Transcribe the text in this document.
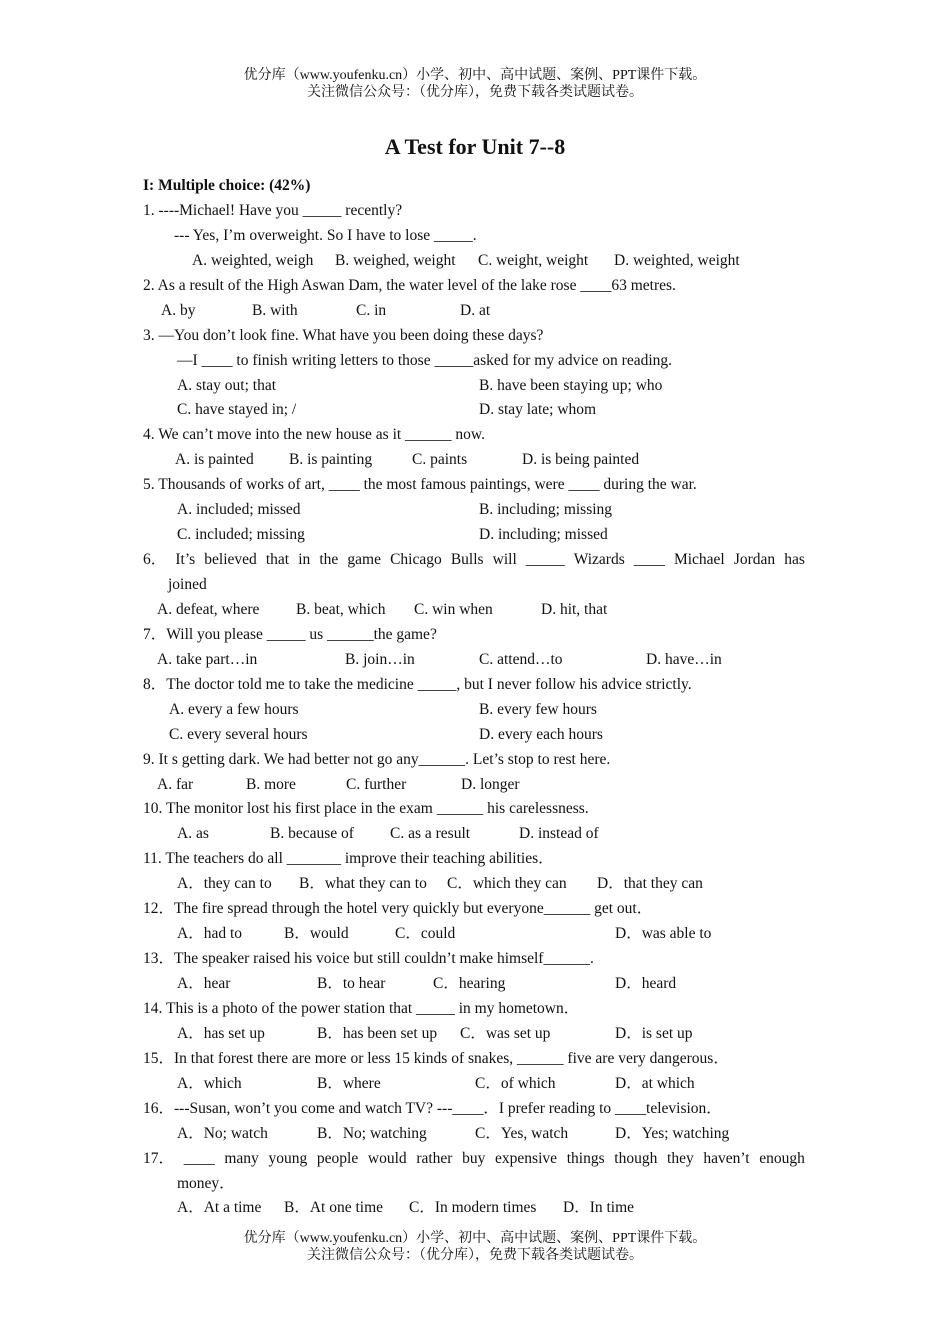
优分库（www.youfenku.cn）小学、初中、高中试题、案例、PPT课件下载。
关注微信公众号：（优分库），免费下载各类试题试卷。
A Test for Unit 7--8
I: Multiple choice: (42%)
1. ----Michael! Have you _____ recently?
--- Yes, I’m overweight. So I have to lose _____.
A. weighted, weigh B. weighed, weight C. weight, weight D. weighted, weight
2. As a result of the High Aswan Dam, the water level of the lake rose ____63 metres.
A. by	B. with	C. in	D. at
3. —You don’t look fine. What have you been doing these days?
—I ____ to finish writing letters to those _____asked for my advice on reading.
A. stay out; that	B. have been staying up; who
C. have stayed in; /	D. stay late; whom
4. We can’t move into the new house as it ______ now.
A. is painted B. is painting	C. paints	D. is being painted
5. Thousands of works of art, ____ the most famous paintings, were ____ during the war.
A. included; missed	B. including; missing
C. included; missing	D. including; missed
6． It’s believed that in the game Chicago Bulls will _____ Wizards ____ Michael Jordan has
joined
A. defeat, where B. beat, which C. win when	D. hit, that
7．Will you please _____ us ______the game?
A. take part…in	B. join…in	C. attend…to	D. have…in
8．The doctor told me to take the medicine _____, but I never follow his advice strictly.
A. every a few hours	B. every few hours
C. every several hours	D. every each hours
9. It s getting dark. We had better not go any______. Let’s stop to rest here.
A. far	B. more	C. further	D. longer
10. The monitor lost his first place in the exam ______ his carelessness.
A. as	B. because of C. as a result	D. instead of
11. The teachers do all _______ improve their teaching abilities．
A．they can to B．what they can to C．which they can D．that they can
12．The fire spread through the hotel very quickly but everyone______ get out．
A．had to	B．would	C．could	D．was able to
13．The speaker raised his voice but still couldn’t make himself______.
A．hear	B．to hear	C．hearing	D．heard
14. This is a photo of the power station that _____ in my hometown．
A．has set up	B．has been set up C．was set up	D．is set up
15．In that forest there are more or less 15 kinds of snakes, ______ five are very dangerous．
A．which	B．where	C．of which	D．at which
16．---Susan, won’t you come and watch TV? ---____．I prefer reading to ____television．
A．No; watch	B．No; watching	C．Yes, watch	D．Yes; watching
17． ____ many young people would rather buy expensive things though they haven’t enough
money．
A．At a time B．At one time C．In modern times D．In time
优分库（www.youfenku.cn）小学、初中、高中试题、案例、PPT课件下载。
关注微信公众号：（优分库），免费下载各类试题试卷。
